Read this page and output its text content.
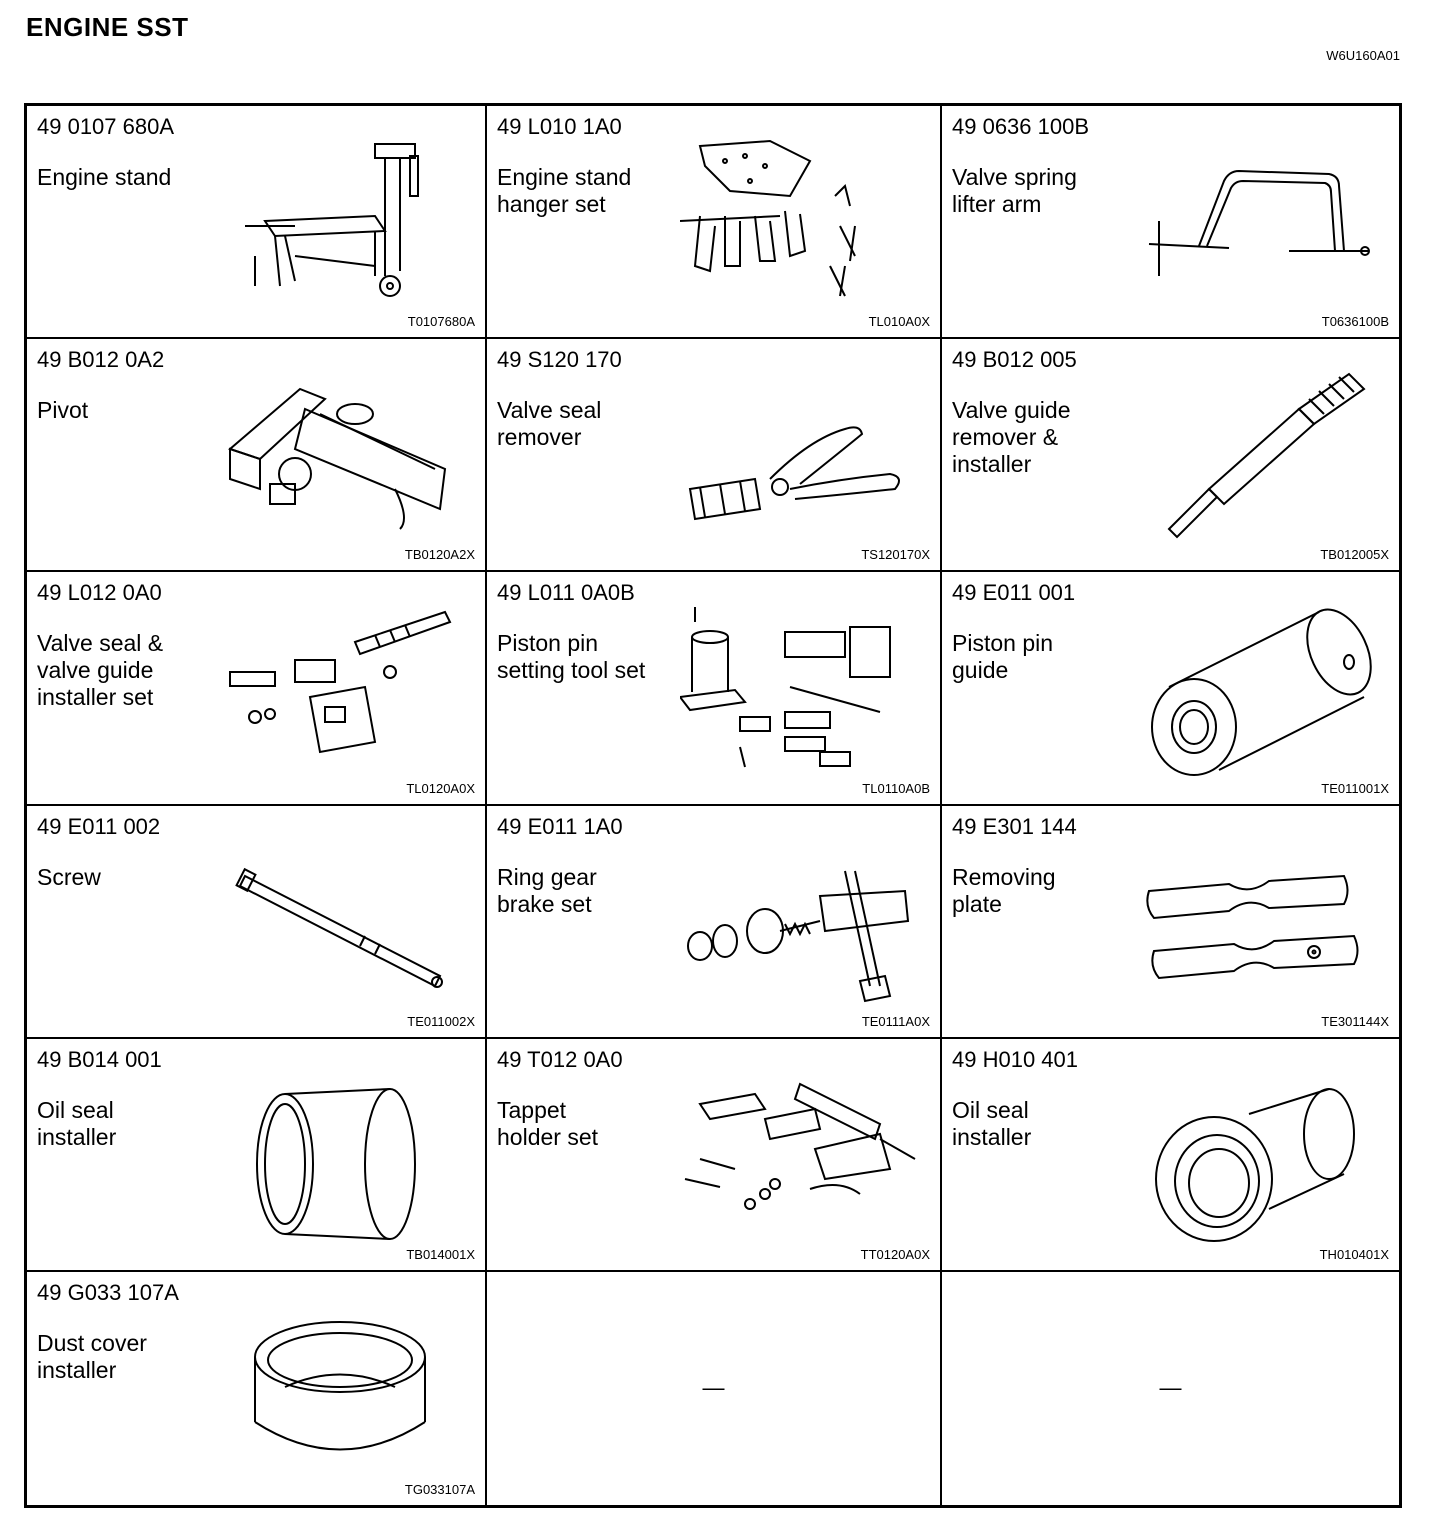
ENGINE SST
W6U160A01
49 0107 680A
Engine stand
T0107680A
49 L010 1A0
Engine stand
hanger set
TL010A0X
49 0636 100B
Valve spring
lifter arm
T0636100B
49 B012 0A2
Pivot
TB0120A2X
49 S120 170
Valve seal
remover
TS120170X
49 B012 005
Valve guide
remover &
installer
TB012005X
49 L012 0A0
Valve seal &
valve guide
installer set
TL0120A0X
49 L011 0A0B
Piston pin
setting tool set
TL0110A0B
49 E011 001
Piston pin
guide
TE011001X
49 E011 002
Screw
TE011002X
49 E011 1A0
Ring gear
brake set
TE0111A0X
49 E301 144
Removing
plate
TE301144X
49 B014 001
Oil seal
installer
TB014001X
49 T012 0A0
Tappet
holder set
TT0120A0X
49 H010 401
Oil seal
installer
TH010401X
49 G033 107A
Dust cover
installer
TG033107A
—	—
